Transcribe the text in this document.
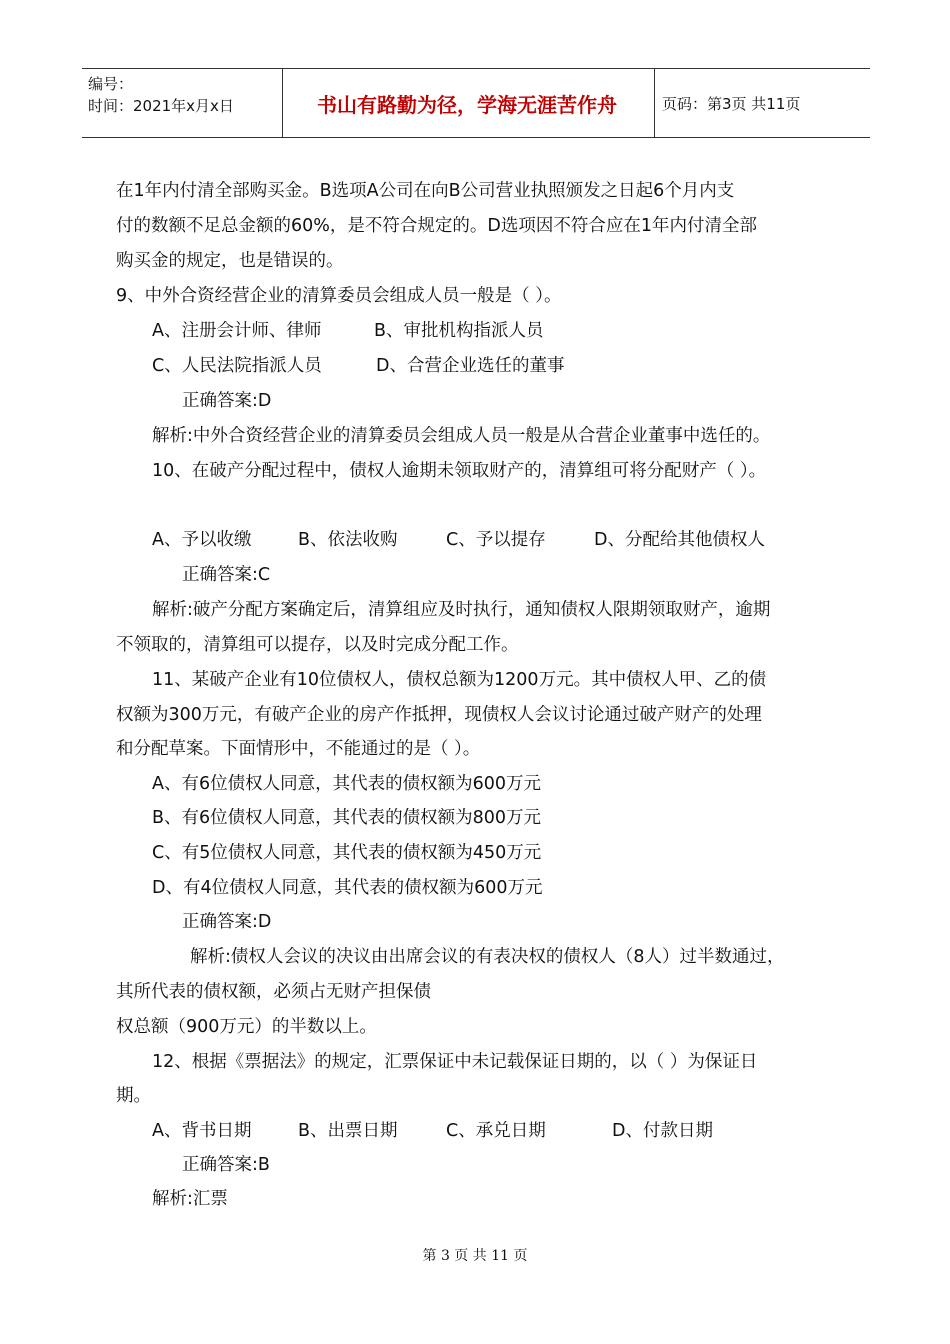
编号：
时间：2021年x月x日	书山有路勤为径，学海无涯苦作舟	页码：第3页 共11页
在1年内付清全部购买金。B选项A公司在向B公司营业执照颁发之日起6个月内支
付的数额不足总金额的60%，是不符合规定的。D选项因不符合应在1年内付清全部
购买金的规定，也是错误的。
9、中外合资经营企业的清算委员会组成人员一般是（ ）。
A、注册会计师、律师	B、审批机构指派人员
C、人民法院指派人员	D、合营企业选任的董事
正确答案:D
解析:中外合资经营企业的清算委员会组成人员一般是从合营企业董事中选任的。
10、在破产分配过程中，债权人逾期未领取财产的，清算组可将分配财产（ ）。
A、予以收缴	B、依法收购	C、予以提存	D、分配给其他债权人
正确答案:C
解析:破产分配方案确定后，清算组应及时执行，通知债权人限期领取财产，逾期
不领取的，清算组可以提存，以及时完成分配工作。
11、某破产企业有10位债权人，债权总额为1200万元。其中债权人甲、乙的债
权额为300万元，有破产企业的房产作抵押，现债权人会议讨论通过破产财产的处理
和分配草案。下面情形中，不能通过的是（ ）。
A、有6位债权人同意，其代表的债权额为600万元
B、有6位债权人同意，其代表的债权额为800万元
C、有5位债权人同意，其代表的债权额为450万元
D、有4位债权人同意，其代表的债权额为600万元
正确答案:D
解析:债权人会议的决议由出席会议的有表决权的债权人（8人）过半数通过，
其所代表的债权额，必须占无财产担保债
权总额（900万元）的半数以上。
12、根据《票据法》的规定，汇票保证中未记载保证日期的，以（ ）为保证日
期。
A、背书日期	B、出票日期	C、承兑日期	D、付款日期
正确答案:B
解析:汇票
第 3 页 共 11 页
